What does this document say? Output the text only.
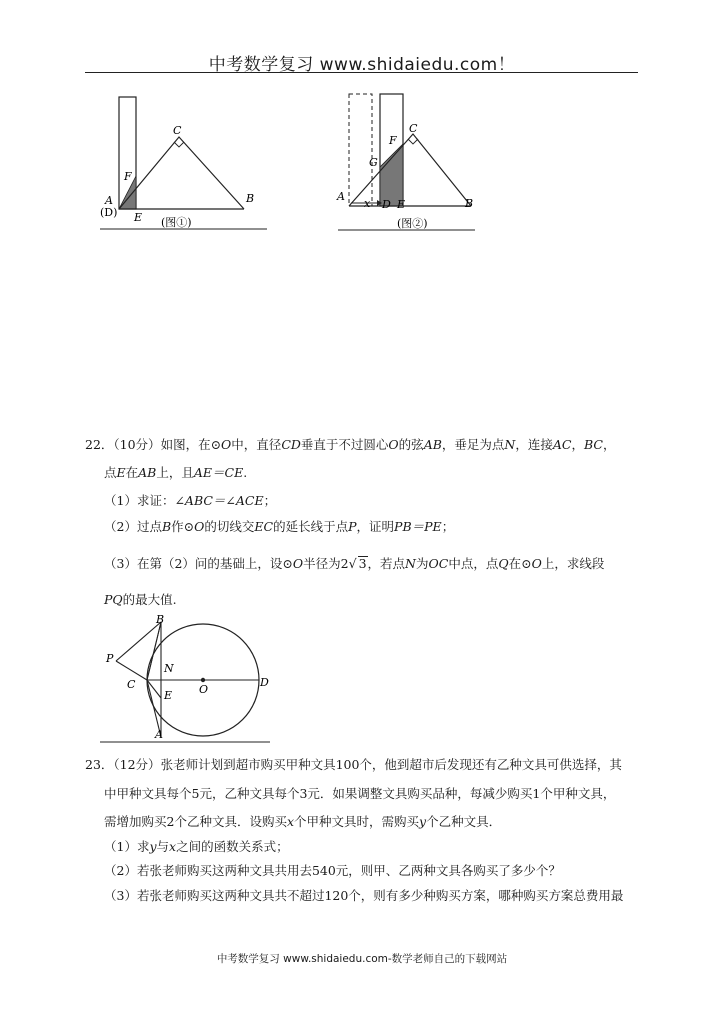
中考数学复习 www.shidaiedu.com！
A
(D) E
F
C
B
(图①)
A
x D E
F
G
C
B
(图②)
22．（10分）如图，在⊙O中，直径CD垂直于不过圆心O的弦AB，垂足为点N，连接AC，BC，
点E在AB上，且AE＝CE.
（1）求证：∠ABC＝∠ACE；
（2）过点B作⊙O的切线交EC的延长线于点P，证明PB＝PE；
（3）在第（2）问的基础上，设⊙O半径为2√ 3，若点N为OC中点，点Q在⊙O上，求线段
PQ的最大值.
B
P
N
C	O
D
E
A
23．（12分）张老师计划到超市购买甲种文具100个，他到超市后发现还有乙种文具可供选择，其
中甲种文具每个5元，乙种文具每个3元．如果调整文具购买品种，每减少购买1个甲种文具，
需增加购买2个乙种文具．设购买x个甲种文具时，需购买y个乙种文具．
（1）求y与x之间的函数关系式；
（2）若张老师购买这两种文具共用去540元，则甲、乙两种文具各购买了多少个？
（3）若张老师购买这两种文具共不超过120个，则有多少种购买方案，哪种购买方案总费用最
中考数学复习 www.shidaiedu.com-数学老师自己的下载网站
